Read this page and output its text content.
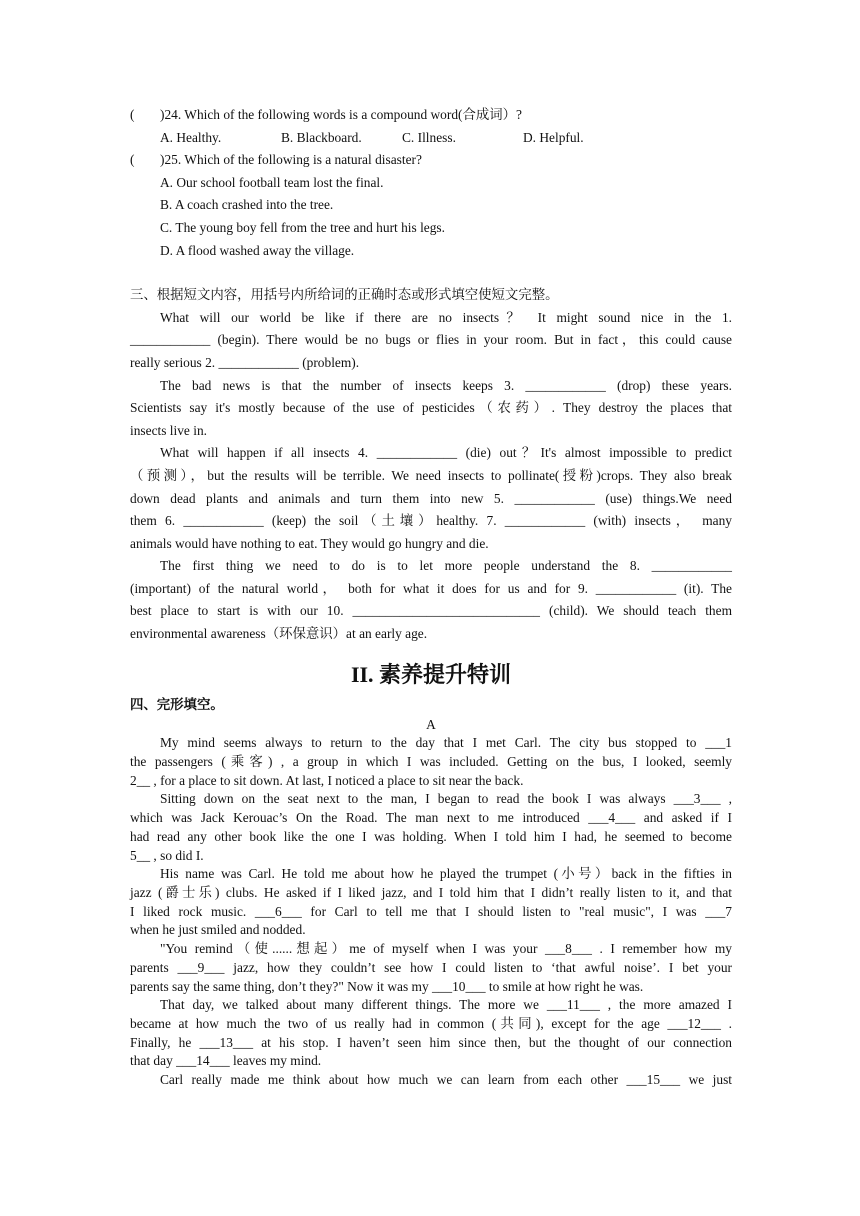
( )24. Which of the following words is a compound word(合成词）?
A. Healthy.	B. Blackboard.	C. Illness.	D. Helpful.
( )25. Which of the following is a natural disaster?
A. Our school football team lost the final.
B. A coach crashed into the tree.
C. The young boy fell from the tree and hurt his legs.
D. A flood washed away the village.
三、根据短文内容，用括号内所给词的正确时态或形式填空使短文完整。
What will our world be like if there are no insects？ It might sound nice in the 1.
____________ (begin). There would be no bugs or flies in your room. But in fact，this could cause
really serious 2. ____________ (problem).
The bad news is that the number of insects keeps 3. ____________ (drop) these years.
Scientists say it's mostly because of the use of pesticides（农药）. They destroy the places that
insects live in.
What will happen if all insects 4. ____________ (die) out？It's almost impossible to predict
（预测），but the results will be terrible. We need insects to pollinate(授粉)crops. They also break
down dead plants and animals and turn them into new 5. ____________ (use) things.We need
them 6. ____________ (keep) the soil（土壤）healthy. 7. ____________ (with) insects， many
animals would have nothing to eat. They would go hungry and die.
The first thing we need to do is to let more people understand the 8. ____________
(important) of the natural world， both for what it does for us and for 9. ____________ (it). The
best place to start is with our 10. ____________________________ (child). We should teach them
environmental awareness（环保意识）at an early age.
II. 素养提升特训
四、完形填空。
A
My mind seems always to return to the day that I met Carl. The city bus stopped to ___1
the passengers (乘客) , a group in which I was included. Getting on the bus, I looked, seemly
2__ , for a place to sit down. At last, I noticed a place to sit near the back.
Sitting down on the seat next to the man, I began to read the book I was always ___3___ ,
which was Jack Kerouac’s On the Road. The man next to me introduced ___4___ and asked if I
had read any other book like the one I was holding. When I told him I had, he seemed to become
5__ , so did I.
His name was Carl. He told me about how he played the trumpet (小号）back in the fifties in
jazz (爵士乐) clubs. He asked if I liked jazz, and I told him that I didn’t really listen to it, and that
I liked rock music. ___6___ for Carl to tell me that I should listen to "real music", I was ___7
when he just smiled and nodded.
"You remind（使......想起）me of myself when I was your ___8___ . I remember how my
parents ___9___ jazz, how they couldn’t see how I could listen to ‘that awful noise’. I bet your
parents say the same thing, don’t they?" Now it was my ___10___ to smile at how right he was.
That day, we talked about many different things. The more we ___11___ , the more amazed I
became at how much the two of us really had in common (共同), except for the age ___12___ .
Finally, he ___13___ at his stop. I haven’t seen him since then, but the thought of our connection
that day ___14___ leaves my mind.
Carl really made me think about how much we can learn from each other ___15___ we just
